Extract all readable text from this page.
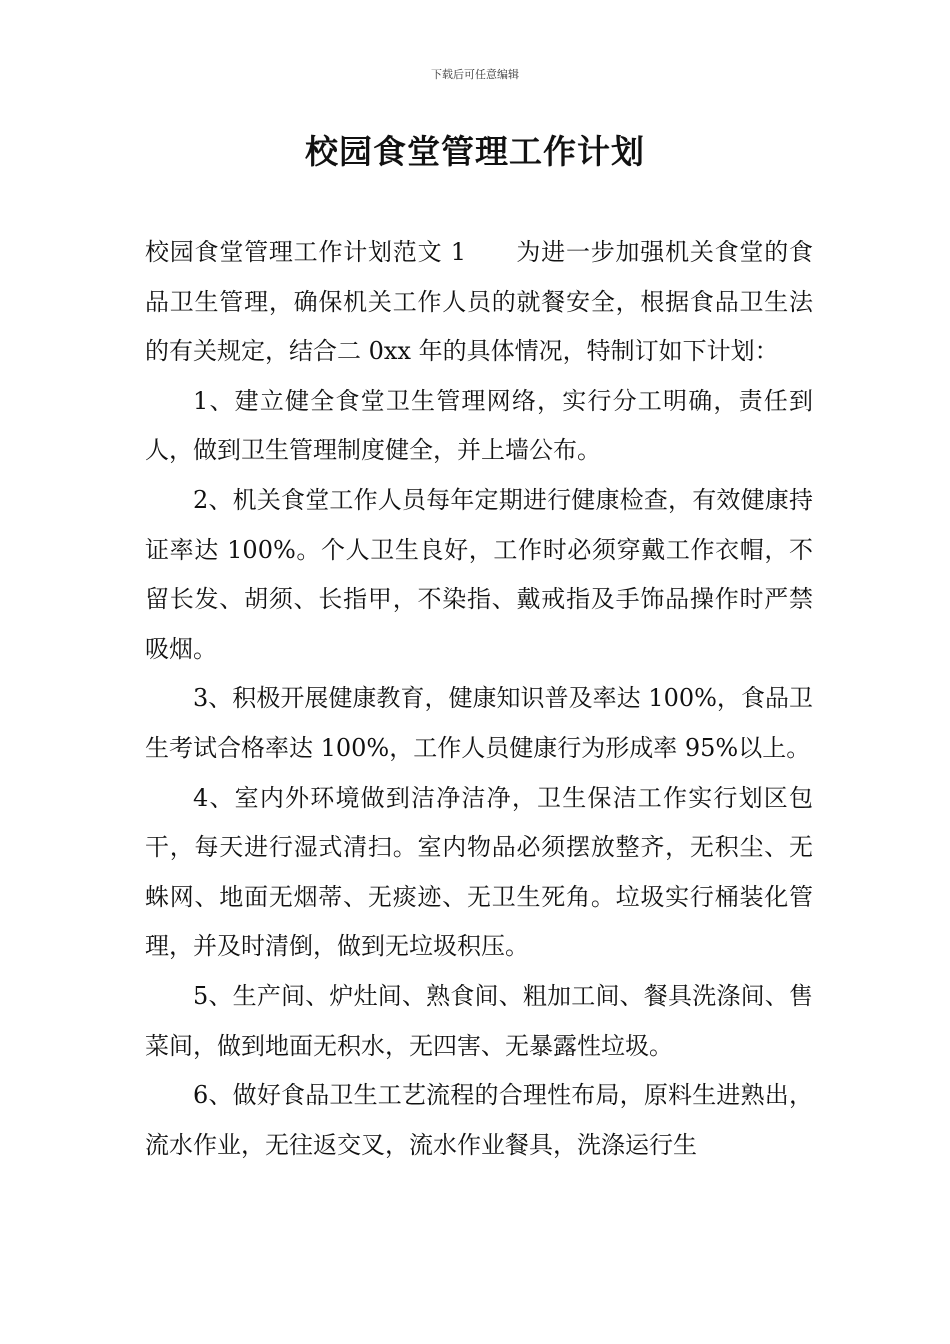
下载后可任意编辑
校园食堂管理工作计划

校园食堂管理工作计划范文 1　　为进一步加强机关食堂的食品卫生管理，确保机关工作人员的就餐安全，根据食品卫生法的有关规定，结合二 0xx 年的具体情况，特制订如下计划：

1、建立健全食堂卫生管理网络，实行分工明确，责任到人，做到卫生管理制度健全，并上墙公布。

2、机关食堂工作人员每年定期进行健康检查，有效健康持证率达 100%。个人卫生良好，工作时必须穿戴工作衣帽，不留长发、胡须、长指甲，不染指、戴戒指及手饰品操作时严禁吸烟。

3、积极开展健康教育，健康知识普及率达 100%，食品卫生考试合格率达 100%，工作人员健康行为形成率 95%以上。

4、室内外环境做到洁净洁净，卫生保洁工作实行划区包干，每天进行湿式清扫。室内物品必须摆放整齐，无积尘、无蛛网、地面无烟蒂、无痰迹、无卫生死角。垃圾实行桶装化管理，并及时清倒，做到无垃圾积压。

5、生产间、炉灶间、熟食间、粗加工间、餐具洗涤间、售菜间，做到地面无积水，无四害、无暴露性垃圾。

6、做好食品卫生工艺流程的合理性布局，原料生进熟出，流水作业，无往返交叉，流水作业餐具，洗涤运行生
